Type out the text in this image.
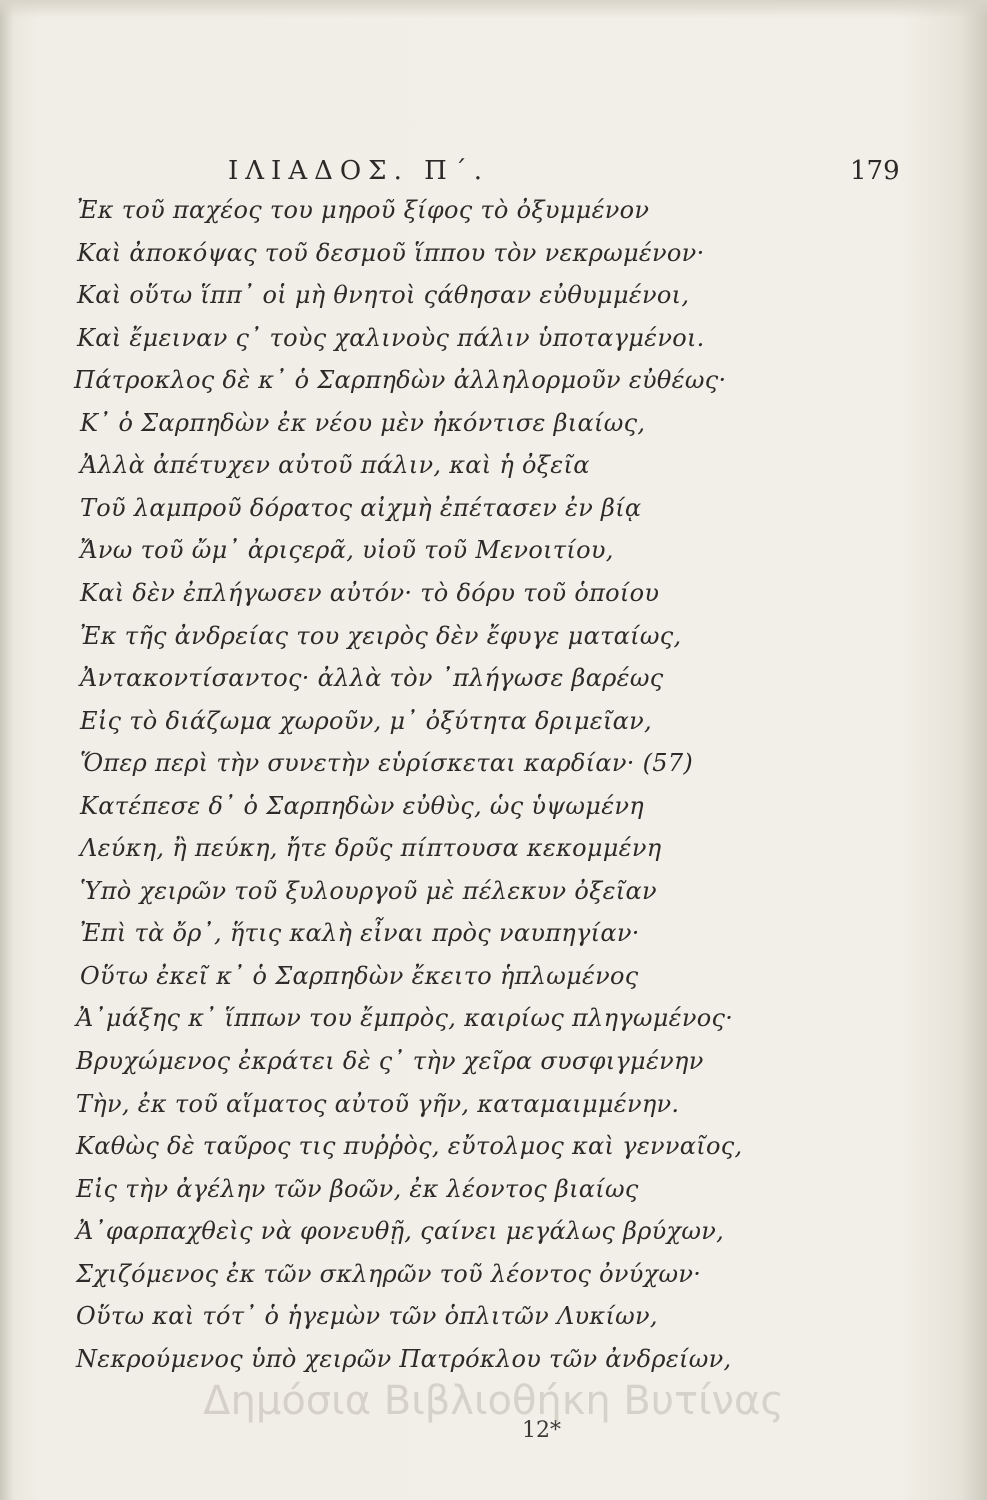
ΙΛΙΑΔΟΣ. Π΄.	179
Ἐκ τοῦ παχέος του μηροῦ ξίφος τὸ ὀξυμμένον
Καὶ ἀποκόψας τοῦ δεσμοῦ ἵππου τὸν νεκρωμένον·
Καὶ οὕτω ἵππ᾽ οἱ μὴ θνητοὶ ςάθησαν εὐθυμμένοι,
Καὶ ἔμειναν ς᾽ τοὺς χαλινοὺς πάλιν ὑποταγμένοι.
Πάτροκλος δὲ κ᾽ ὁ Σαρπηδὼν ἀλληλορμοῦν εὐθέως·
Κ᾽ ὁ Σαρπηδὼν ἐκ νέου μὲν ἠκόντισε βιαίως,
Ἀλλὰ ἀπέτυχεν αὐτοῦ πάλιν, καὶ ἡ ὀξεῖα
Τοῦ λαμπροῦ δόρατος αἰχμὴ ἐπέτασεν ἐν βίᾳ
Ἄνω τοῦ ὤμ᾽ ἀριςερᾶ, υἱοῦ τοῦ Μενοιτίου,
Καὶ δὲν ἐπλήγωσεν αὐτόν· τὸ δόρυ τοῦ ὁποίου
Ἐκ τῆς ἀνδρείας του χειρὸς δὲν ἔφυγε ματαίως,
Ἀντακοντίσαντος· ἀλλὰ τὸν ᾽πλήγωσε βαρέως
Εἰς τὸ διάζωμα χωροῦν, μ᾽ ὀξύτητα δριμεῖαν,
Ὅπερ περὶ τὴν συνετὴν εὑρίσκεται καρδίαν· (57)
Κατέπεσε δ᾽ ὁ Σαρπηδὼν εὐθὺς, ὡς ὑψωμένη
Λεύκη, ἢ πεύκη, ἤτε δρῦς πίπτουσα κεκομμένη
Ὑπὸ χειρῶν τοῦ ξυλουργοῦ μὲ πέλεκυν ὀξεῖαν
Ἐπὶ τὰ ὄρ᾽, ἥτις καλὴ εἶναι πρὸς ναυπηγίαν·
Οὕτω ἐκεῖ κ᾽ ὁ Σαρπηδὼν ἔκειτο ἡπλωμένος
Ἀ᾽μάξης κ᾽ ἵππων του ἔμπρὸς, καιρίως πληγωμένος·
Βρυχώμενος ἐκράτει δὲ ς᾽ τὴν χεῖρα συσφιγμένην
Τὴν, ἐκ τοῦ αἵματος αὐτοῦ γῆν, καταμαιμμένην.
Καθὼς δὲ ταῦρος τις πυῤῥὸς, εὔτολμος καὶ γενναῖος,
Εἰς τὴν ἀγέλην τῶν βοῶν, ἐκ λέοντος βιαίως
Ἀ᾽φαρπαχθεὶς νὰ φονευθῇ, ςαίνει μεγάλως βρύχων,
Σχιζόμενος ἐκ τῶν σκληρῶν τοῦ λέοντος ὀνύχων·
Οὕτω καὶ τότ᾽ ὁ ἡγεμὼν τῶν ὁπλιτῶν Λυκίων,
Νεκρούμενος ὑπὸ χειρῶν Πατρόκλου τῶν ἀνδρείων,
12*
Δημόσια Βιβλιοθήκη Βυτίνας
